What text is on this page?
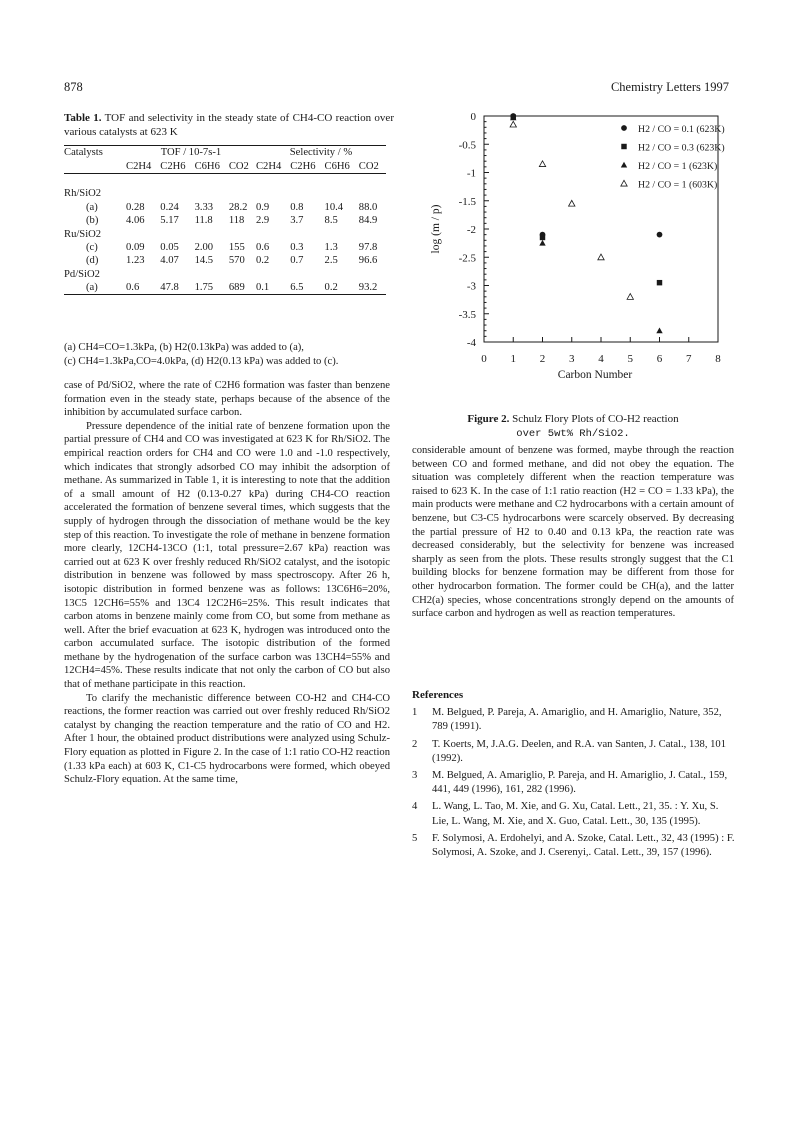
878	Chemistry Letters 1997
Table 1. TOF and selectivity in the steady state of CH4-CO reaction over various catalysts at 623 K
Catalysts	TOF / 10-7s-1				Selectivity / %			
	C2H4	C2H6	C6H6	CO2	C2H4	C2H6	C6H6	CO2

Rh/SiO2								
(a)	0.28	0.24	3.33	28.2	0.9	0.8	10.4	88.0
(b)	4.06	5.17	11.8	118	2.9	3.7	8.5	84.9
Ru/SiO2								
(c)	0.09	0.05	2.00	155	0.6	0.3	1.3	97.8
(d)	1.23	4.07	14.5	570	0.2	0.7	2.5	96.6
Pd/SiO2								
(a)	0.6	47.8	1.75	689	0.1	6.5	0.2	93.2
(a) CH4=CO=1.3kPa, (b) H2(0.13kPa) was added to (a),
(c) CH4=1.3kPa,CO=4.0kPa, (d) H2(0.13 kPa) was added to (c).

case of Pd/SiO2, where the rate of C2H6 formation was faster than benzene formation even in the steady state, perhaps because of the absence of the inhibition by accumulated surface carbon.

Pressure dependence of the initial rate of benzene formation upon the partial pressure of CH4 and CO was investigated at 623 K for Rh/SiO2. The empirical reaction orders for CH4 and CO were 1.0 and -1.0 respectively, which indicates that strongly adsorbed CO may inhibit the adsorption of methane. As summarized in Table 1, it is interesting to note that the addition of a small amount of H2 (0.13-0.27 kPa) during CH4-CO reaction accelerated the formation of benzene several times, which suggests that the supply of hydrogen through the dissociation of methane would be the key step of this reaction. To investigate the role of methane in benzene formation more clearly, 12CH4-13CO (1:1, total pressure=2.67 kPa) reaction was carried out at 623 K over freshly reduced Rh/SiO2 catalyst, and the isotopic distribution in benzene was followed by mass spectroscopy. After 26 h, isotopic distribution in formed benzene was as follows: 13C6H6=20%, 13C5 12CH6=55% and 13C4 12C2H6=25%. This result indicates that carbon atoms in benzene mainly come from CO, but some from methane as well. After the brief evacuation at 623 K, hydrogen was introduced onto the carbon accumulated surface. The isotopic distribution of the formed methane by the hydrogenation of the surface carbon was 13CH4=55% and 12CH4=45%. These results indicate that not only the carbon of CO but also that of methane participate in this reaction.

To clarify the mechanistic difference between CO-H2 and CH4-CO reactions, the former reaction was carried out over freshly reduced Rh/SiO2 catalyst by changing the reaction temperature and the ratio of CO and H2. After 1 hour, the obtained product distributions were analyzed using Schulz-Flory equation as plotted in Figure 2. In the case of 1:1 ratio CO-H2 reaction (1.33 kPa each) at 603 K, C1-C5 hydrocarbons were formed, which obeyed Schulz-Flory equation. At the same time,

0
-0.5
-1
-1.5
-2
-2.5
-3
-3.5
-4
0 1 2 3 4 5 6 7 8
Carbon Number
log (m / p)
H2 / CO = 0.1 (623K)
H2 / CO = 0.3 (623K)
H2 / CO = 1 (623K)
H2 / CO = 1 (603K)
Figure 2. Schulz Flory Plots of CO-H2 reaction
over 5wt% Rh/SiO2.

considerable amount of benzene was formed, maybe through the reaction between CO and formed methane, and did not obey the equation. The situation was completely different when the reaction temperature was raised to 623 K. In the case of 1:1 ratio reaction (H2 = CO = 1.33 kPa), the main products were methane and C2 hydrocarbons with a certain amount of benzene, but C3-C5 hydrocarbons were scarcely observed. By decreasing the partial pressure of H2 to 0.40 and 0.13 kPa, the reaction rate was decreased considerably, but the selectivity for benzene was increased sharply as seen from the plots. These results strongly suggest that the C1 building blocks for benzene formation may be different from those for other hydrocarbon formation. The former could be CH(a), and the latter CH2(a) species, whose concentrations strongly depend on the amounts of surface carbon and hydrogen as well as reaction temperatures.

References
1 M. Belgued, P. Pareja, A. Amariglio, and H. Amariglio, Nature, 352, 789 (1991).
2 T. Koerts, M, J.A.G. Deelen, and R.A. van Santen, J. Catal., 138, 101 (1992).
3 M. Belgued, A. Amariglio, P. Pareja, and H. Amariglio, J. Catal., 159, 441, 449 (1996), 161, 282 (1996).
4 L. Wang, L. Tao, M. Xie, and G. Xu, Catal. Lett., 21, 35. : Y. Xu, S. Lie, L. Wang, M. Xie, and X. Guo, Catal. Lett., 30, 135 (1995).
5 F. Solymosi, A. Erdohelyi, and A. Szoke, Catal. Lett., 32, 43 (1995) : F. Solymosi, A. Szoke, and J. Cserenyi,. Catal. Lett., 39, 157 (1996).
